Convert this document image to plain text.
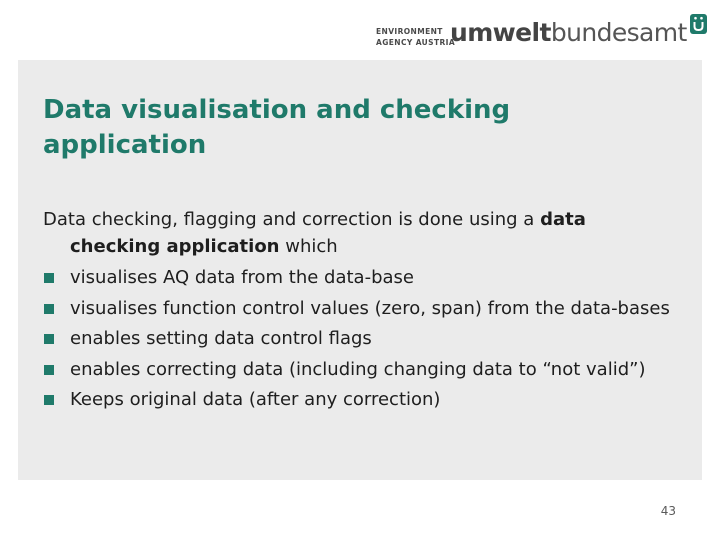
ENVIRONMENT
AGENCY AUSTRIA
umweltbundesamt
Data visualisation and checking application

Data checking, flagging and correction is done using a data checking application which

visualises AQ data from the data-base
visualises function control values (zero, span) from the data-bases
enables setting data control flags
enables correcting data (including changing data to “not valid”)
Keeps original data (after any correction)
43
